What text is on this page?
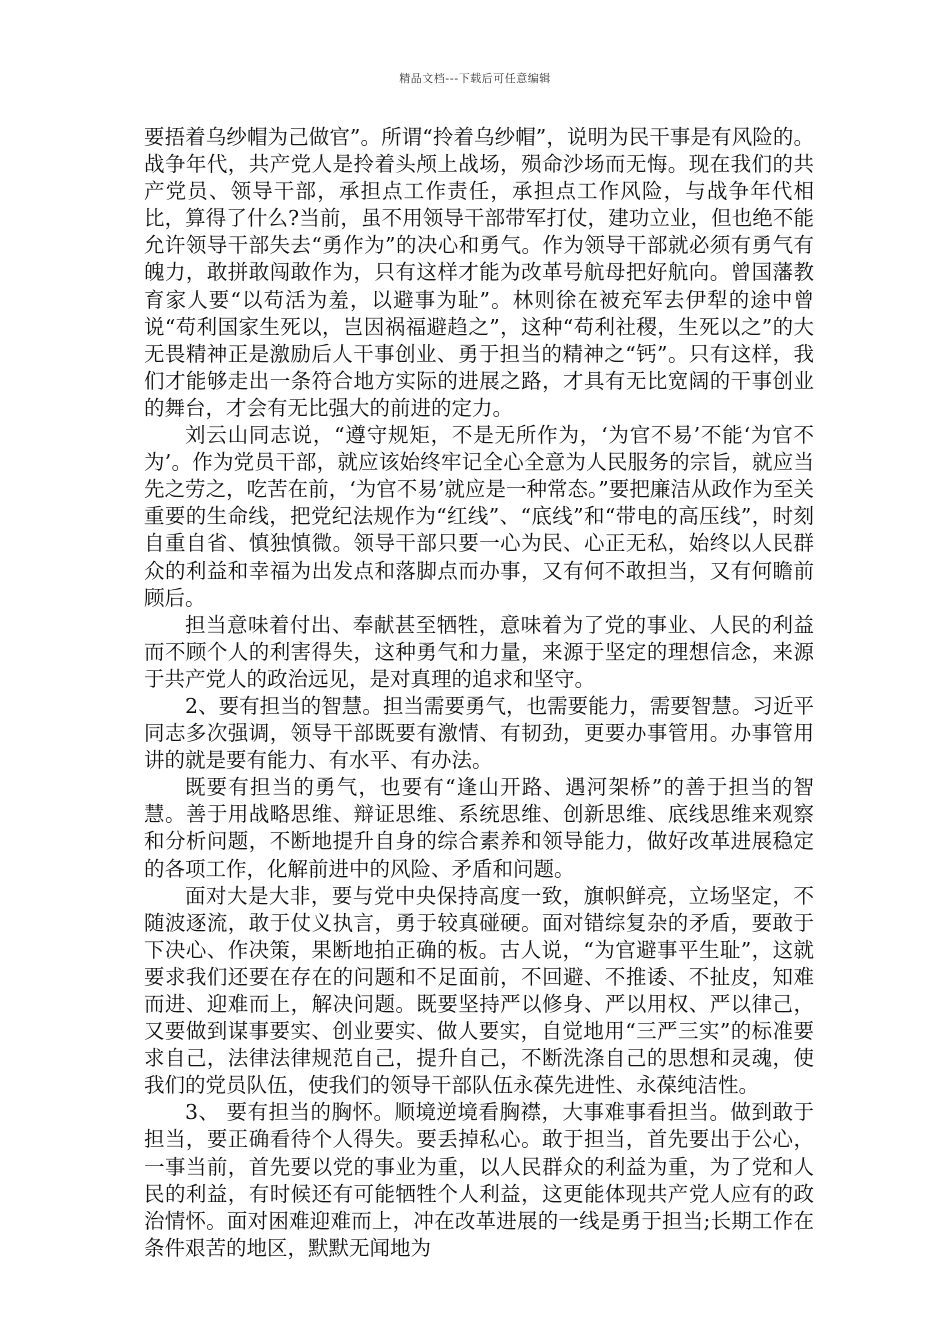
精品文档---下载后可任意编辑

要捂着乌纱帽为己做官”。所谓“拎着乌纱帽”，说明为民干事是有风险的。战争年代，共产党人是拎着头颅上战场，殒命沙场而无悔。现在我们的共产党员、领导干部，承担点工作责任，承担点工作风险，与战争年代相比，算得了什么?当前，虽不用领导干部带军打仗，建功立业，但也绝不能允许领导干部失去“勇作为”的决心和勇气。作为领导干部就必须有勇气有魄力，敢拼敢闯敢作为，只有这样才能为改革号航母把好航向。曾国藩教育家人要“以苟活为羞，以避事为耻”。林则徐在被充军去伊犁的途中曾说“苟利国家生死以，岂因祸福避趋之”，这种“苟利社稷，生死以之”的大无畏精神正是激励后人干事创业、勇于担当的精神之“钙”。只有这样，我们才能够走出一条符合地方实际的进展之路，才具有无比宽阔的干事创业的舞台，才会有无比强大的前进的定力。

刘云山同志说，“遵守规矩，不是无所作为，‘为官不易’不能‘为官不为’。作为党员干部，就应该始终牢记全心全意为人民服务的宗旨，就应当先之劳之，吃苦在前，‘为官不易’就应是一种常态。”要把廉洁从政作为至关重要的生命线，把党纪法规作为“红线”、“底线”和“带电的高压线”，时刻自重自省、慎独慎微。领导干部只要一心为民、心正无私，始终以人民群众的利益和幸福为出发点和落脚点而办事，又有何不敢担当，又有何瞻前顾后。

担当意味着付出、奉献甚至牺牲，意味着为了党的事业、人民的利益而不顾个人的利害得失，这种勇气和力量，来源于坚定的理想信念，来源于共产党人的政治远见，是对真理的追求和坚守。

2、要有担当的智慧。担当需要勇气，也需要能力，需要智慧。习近平同志多次强调，领导干部既要有激情、有韧劲，更要办事管用。办事管用讲的就是要有能力、有水平、有办法。

既要有担当的勇气，也要有“逢山开路、遇河架桥”的善于担当的智慧。善于用战略思维、辩证思维、系统思维、创新思维、底线思维来观察和分析问题，不断地提升自身的综合素养和领导能力，做好改革进展稳定的各项工作，化解前进中的风险、矛盾和问题。

面对大是大非，要与党中央保持高度一致，旗帜鲜亮，立场坚定，不随波逐流，敢于仗义执言，勇于较真碰硬。面对错综复杂的矛盾，要敢于下决心、作决策，果断地拍正确的板。古人说，“为官避事平生耻”，这就要求我们还要在存在的问题和不足面前，不回避、不推诿、不扯皮，知难而进、迎难而上，解决问题。既要坚持严以修身、严以用权、严以律己，又要做到谋事要实、创业要实、做人要实，自觉地用“三严三实”的标准要求自己，法律法律规范自己，提升自己，不断洗涤自己的思想和灵魂，使我们的党员队伍，使我们的领导干部队伍永葆先进性、永葆纯洁性。

3、 要有担当的胸怀。顺境逆境看胸襟，大事难事看担当。做到敢于担当，要正确看待个人得失。要丢掉私心。敢于担当，首先要出于公心，一事当前，首先要以党的事业为重，以人民群众的利益为重，为了党和人民的利益，有时候还有可能牺牲个人利益，这更能体现共产党人应有的政治情怀。面对困难迎难而上，冲在改革进展的一线是勇于担当;长期工作在条件艰苦的地区，默默无闻地为
